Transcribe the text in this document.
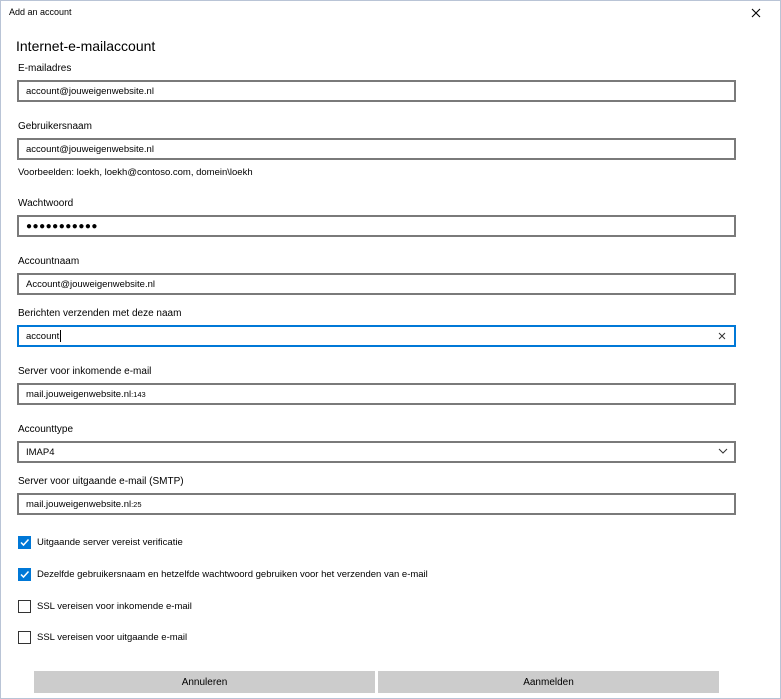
Add an account
Internet-e-mailaccount
E-mailadres
account@jouweigenwebsite.nl
Gebruikersnaam
account@jouweigenwebsite.nl
Voorbeelden: loekh, loekh@contoso.com, domein\loekh
Wachtwoord
●●●●●●●●●●●
Accountnaam
Account@jouweigenwebsite.nl
Berichten verzenden met deze naam
account
Server voor inkomende e-mail
mail.jouweigenwebsite.nl :143
Accounttype
IMAP4
Server voor uitgaande e-mail (SMTP)
mail.jouweigenwebsite.nl :25
Uitgaande server vereist verificatie
Dezelfde gebruikersnaam en hetzelfde wachtwoord gebruiken voor het verzenden van e-mail
SSL vereisen voor inkomende e-mail
SSL vereisen voor uitgaande e-mail
Annuleren	Aanmelden
